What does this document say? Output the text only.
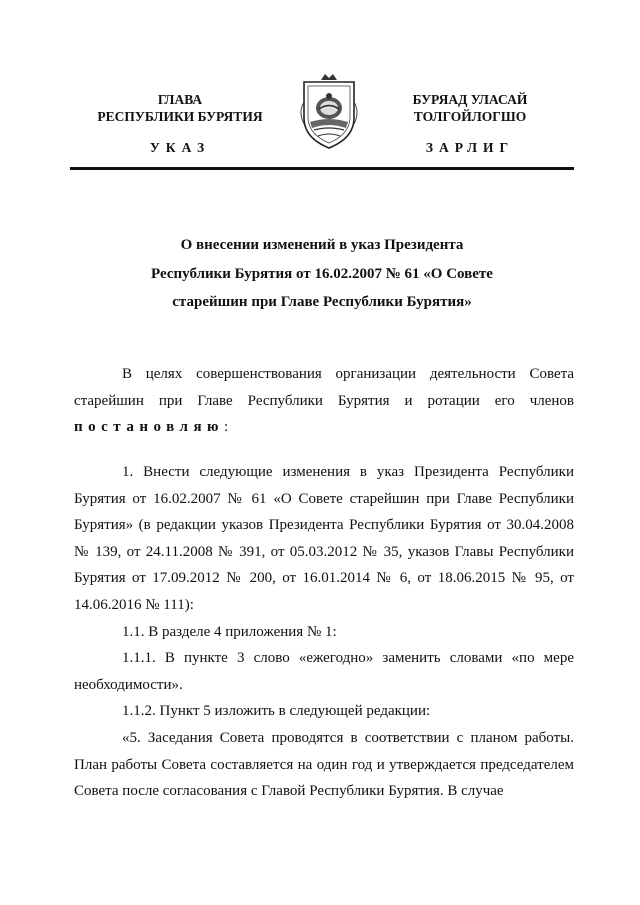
ГЛАВА
РЕСПУБЛИКИ БУРЯТИЯ
БУРЯАД УЛАСАЙ
ТОЛГОЙЛОГШО
УКАЗ	ЗАРЛИГ
О внесении изменений в указ Президента
Республики Бурятия от 16.02.2007 № 61 «О Совете
старейшин при Главе Республики Бурятия»
В целях совершенствования организации деятельности Совета старейшин при Главе Республики Бурятия и ротации его членов постановляю:
1. Внести следующие изменения в указ Президента Республики Бурятия от 16.02.2007 № 61 «О Совете старейшин при Главе Республики Бурятия» (в редакции указов Президента Республики Бурятия от 30.04.2008 № 139, от 24.11.2008 № 391, от 05.03.2012 № 35, указов Главы Республики Бурятия от 17.09.2012 № 200, от 16.01.2014 № 6, от 18.06.2015 № 95, от 14.06.2016 № 111):
1.1. В разделе 4 приложения № 1:
1.1.1. В пункте 3 слово «ежегодно» заменить словами «по мере необходимости».
1.1.2. Пункт 5 изложить в следующей редакции:
«5. Заседания Совета проводятся в соответствии с планом работы. План работы Совета составляется на один год и утверждается председателем Совета после согласования с Главой Республики Бурятия. В случае
